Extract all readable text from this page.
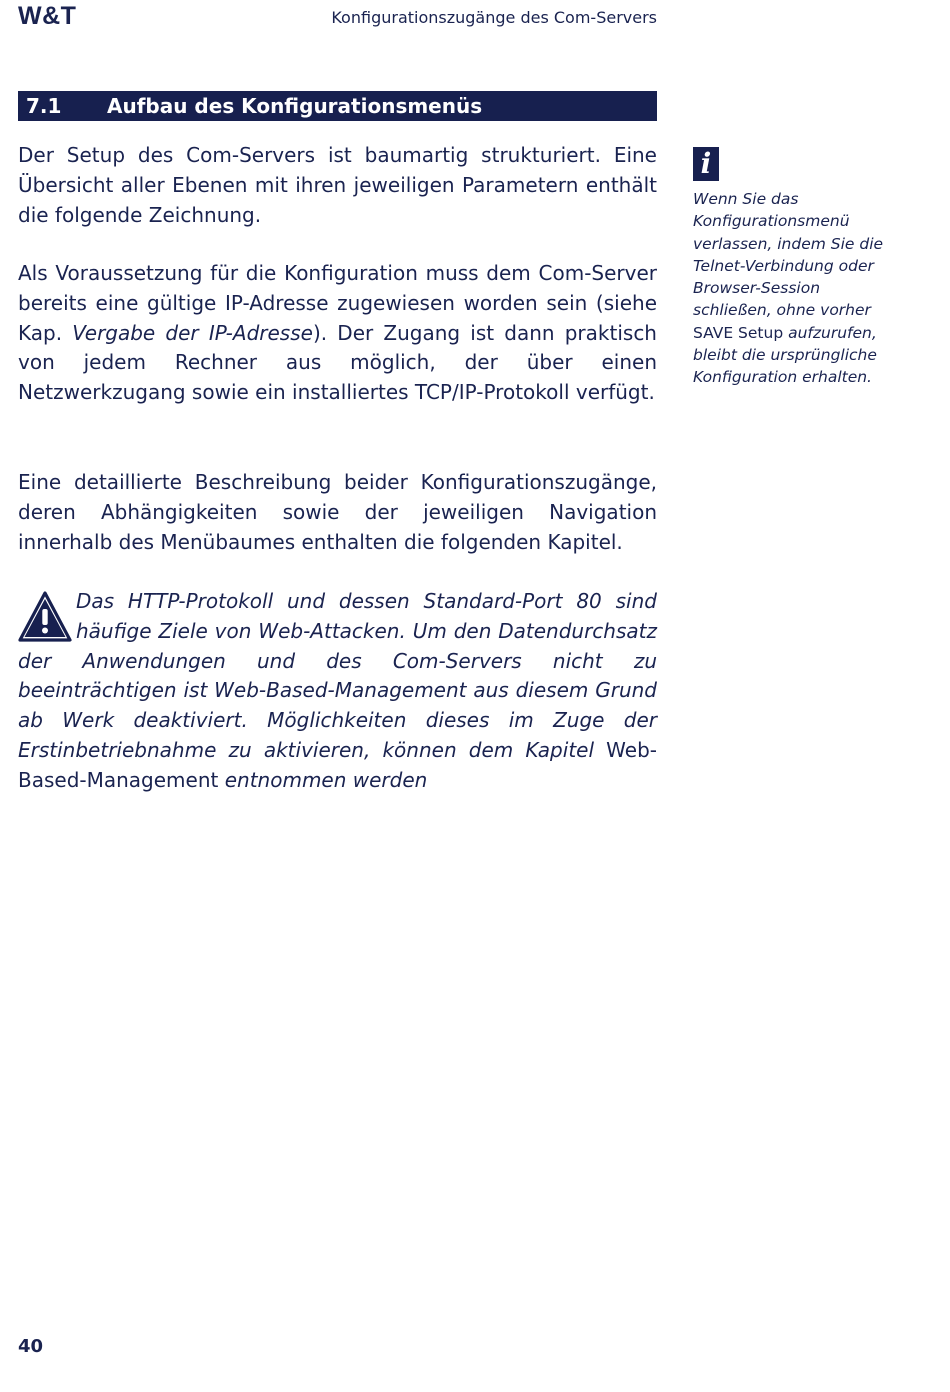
W&T	Konfigurationszugänge des Com-Servers
7.1 Aufbau des Konfigurationsmenüs

Der Setup des Com-Servers ist baumartig strukturiert. Eine Übersicht aller Ebenen mit ihren jeweiligen Parametern enthält die folgende Zeichnung.

Als Voraussetzung für die Konfiguration muss dem Com-Server bereits eine gültige IP-Adresse zugewiesen worden sein (siehe Kap. Vergabe der IP-Adresse). Der Zugang ist dann praktisch von jedem Rechner aus möglich, der über einen Netzwerkzugang sowie ein installiertes TCP/IP-Protokoll verfügt.

Eine detaillierte Beschreibung beider Konfigurationszugänge, deren Abhängigkeiten sowie der jeweiligen Navigation innerhalb des Menübaumes enthalten die folgenden Kapitel.

Das HTTP-Protokoll und dessen Standard-Port 80 sind häufige Ziele von Web-Attacken. Um den Datendurchsatz der Anwendungen und des Com-Servers nicht zu beeinträchtigen ist Web-Based-Management aus diesem Grund ab Werk deaktiviert. Möglichkeiten dieses im Zuge der Erstinbetriebnahme zu aktivieren, können dem Kapitel Web-Based-Management entnommen werden

i

Wenn Sie das Konfigurationsmenü verlassen, indem Sie die Telnet-Verbindung oder Browser-Session schließen, ohne vorher SAVE Setup aufzurufen, bleibt die ursprüngliche Konfiguration erhalten.

40
